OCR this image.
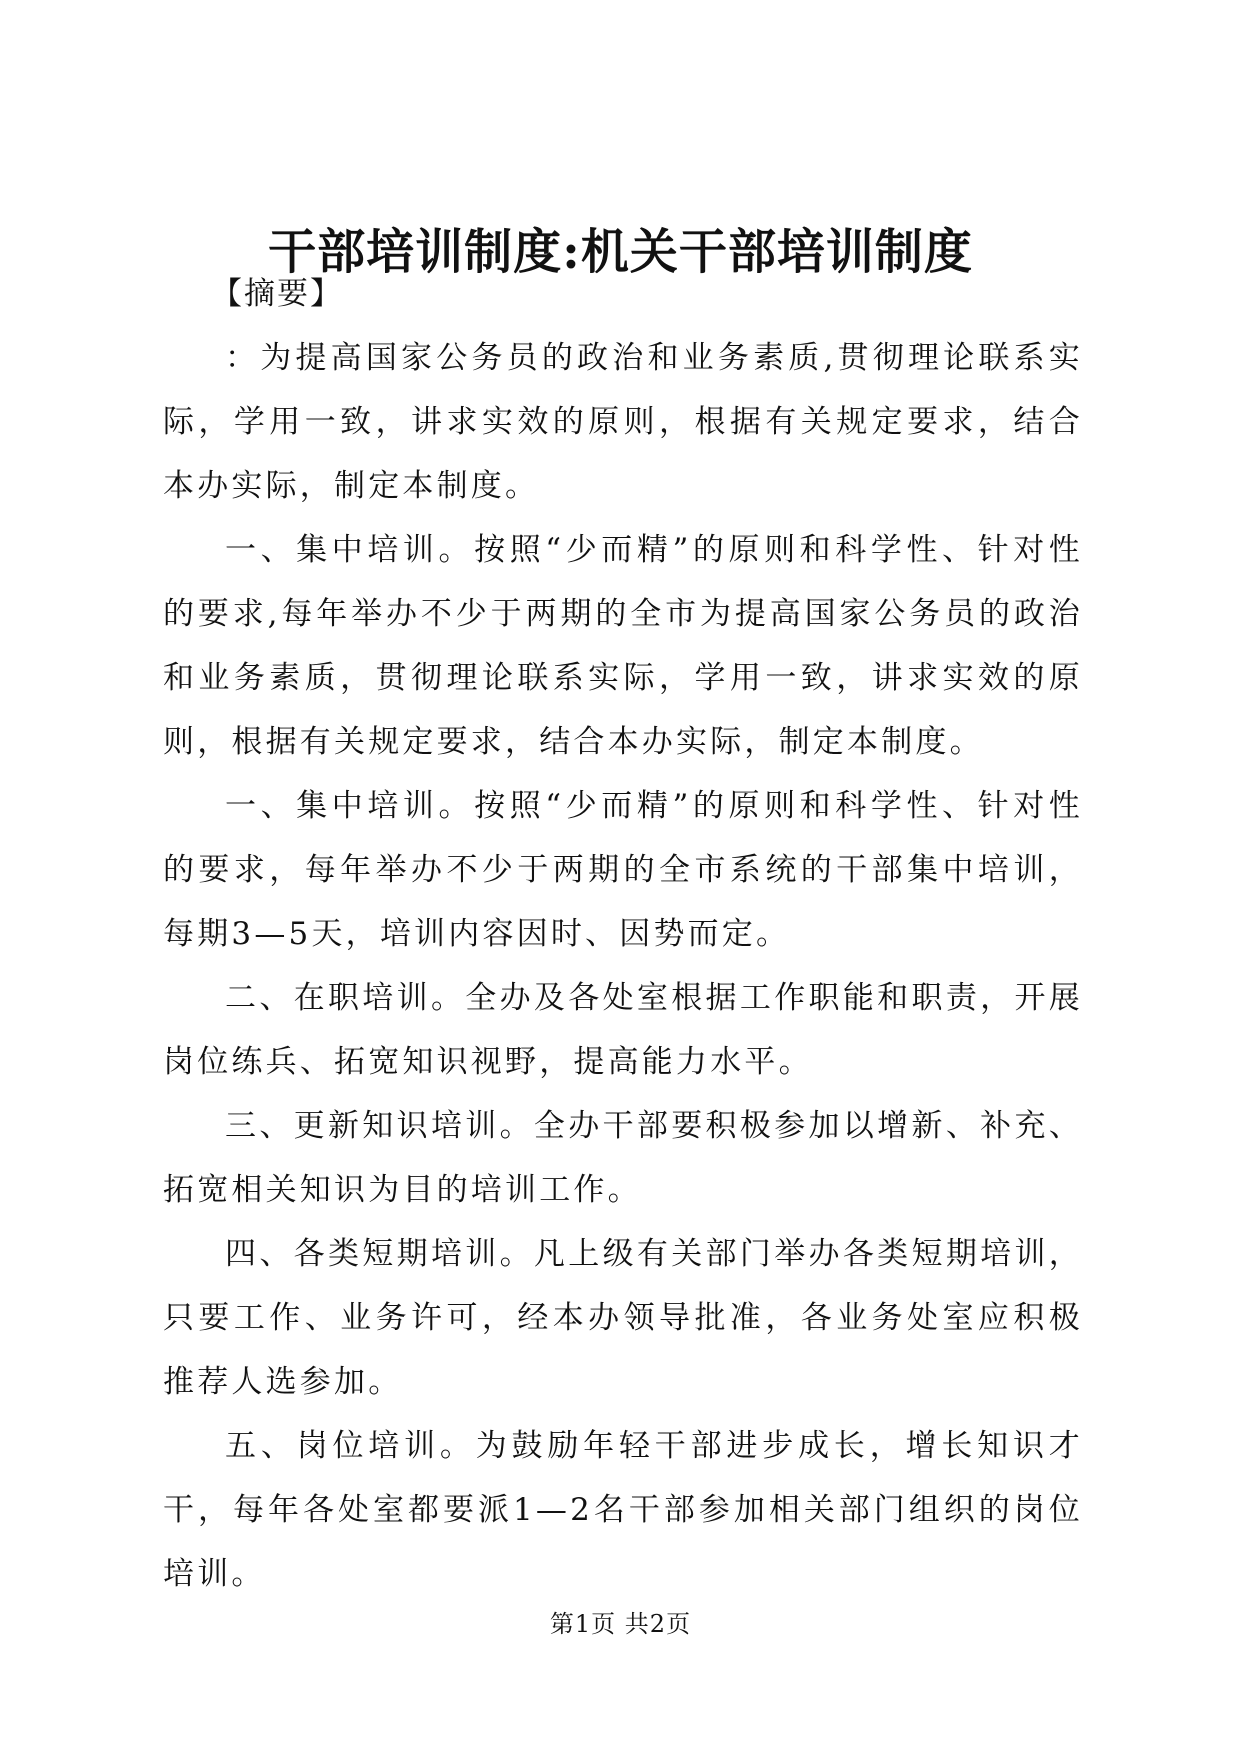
干部培训制度:机关干部培训制度

【摘要】

：为提高国家公务员的政治和业务素质,贯彻理论联系实际，学用一致，讲求实效的原则，根据有关规定要求，结合本办实际，制定本制度。

一、集中培训。按照“少而精”的原则和科学性、针对性的要求,每年举办不少于两期的全市为提高国家公务员的政治和业务素质，贯彻理论联系实际，学用一致，讲求实效的原则，根据有关规定要求，结合本办实际，制定本制度。

一、集中培训。按照“少而精”的原则和科学性、针对性的要求，每年举办不少于两期的全市系统的干部集中培训，每期3—5天，培训内容因时、因势而定。

二、在职培训。全办及各处室根据工作职能和职责，开展岗位练兵、拓宽知识视野，提高能力水平。

三、更新知识培训。全办干部要积极参加以增新、补充、拓宽相关知识为目的培训工作。

四、各类短期培训。凡上级有关部门举办各类短期培训，只要工作、业务许可，经本办领导批准，各业务处室应积极推荐人选参加。

五、岗位培训。为鼓励年轻干部进步成长，增长知识才干，每年各处室都要派1—2名干部参加相关部门组织的岗位培训。

第1页 共2页
